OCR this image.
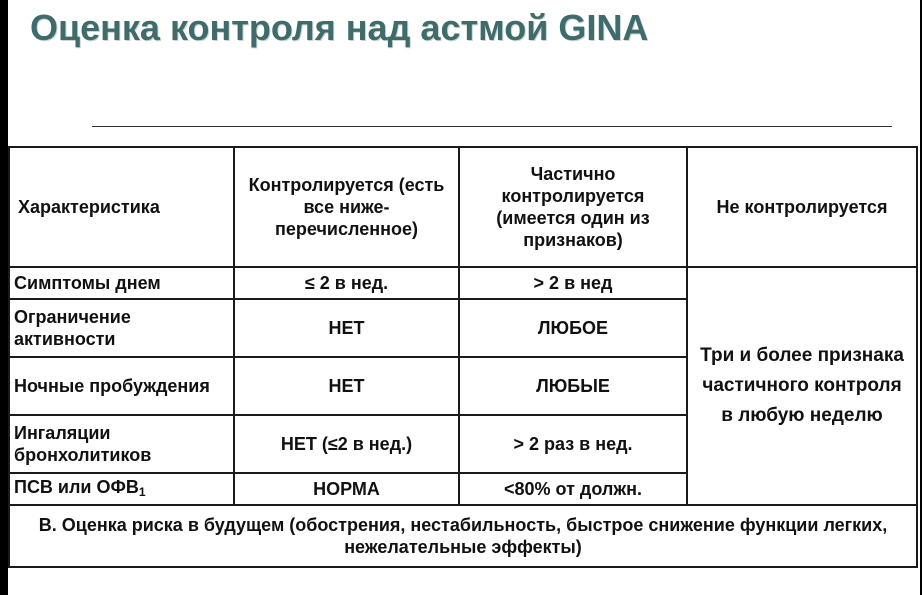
Оценка контроля над астмой GINA
Характеристика	Контролируется (есть все ниже-перечисленное)	Частично контролируется (имеется один из признаков)	Не контролируется
Симптомы днем	≤ 2 в нед.	> 2 в нед	Три и более признака частичного контроля в любую неделю
Ограничение активности	НЕТ	ЛЮБОЕ	
Ночные пробуждения	НЕТ	ЛЮБЫЕ	
Ингаляции бронхолитиков	НЕТ (≤2 в нед.)	> 2 раз в нед.	
ПСВ или $ОФВ_1$	НОРМА	<80% от должн.	
В. Оценка риска в будущем (обострения, нестабильность, быстрое снижение функции легких, нежелательные эффекты)			
